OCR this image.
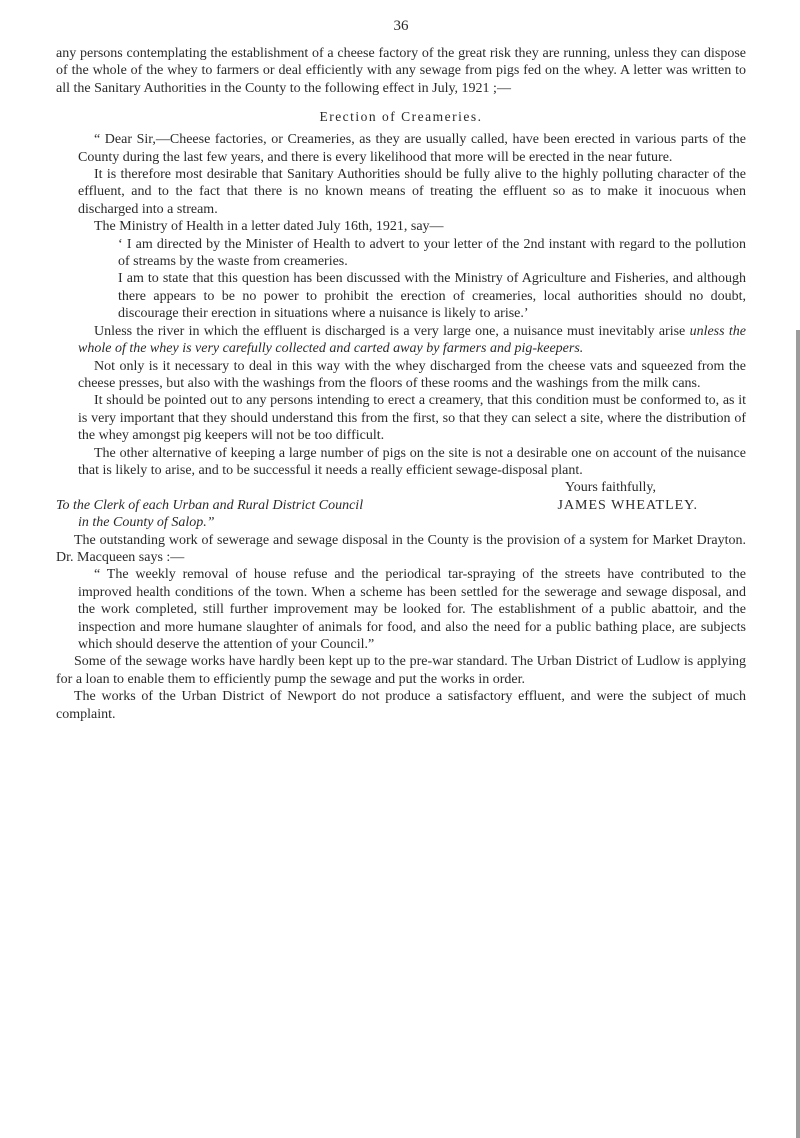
36

any persons contemplating the establishment of a cheese factory of the great risk they are running, unless they can dispose of the whole of the whey to farmers or deal efficiently with any sewage from pigs fed on the whey. A letter was written to all the Sanitary Authorities in the County to the following effect in July, 1921 ;—

Erection of Creameries.

“ Dear Sir,—Cheese factories, or Creameries, as they are usually called, have been erected in various parts of the County during the last few years, and there is every likelihood that more will be erected in the near future.

It is therefore most desirable that Sanitary Authorities should be fully alive to the highly polluting character of the effluent, and to the fact that there is no known means of treating the effluent so as to make it inocuous when discharged into a stream.

The Ministry of Health in a letter dated July 16th, 1921, say—

‘ I am directed by the Minister of Health to advert to your letter of the 2nd instant with regard to the pollution of streams by the waste from creameries.

I am to state that this question has been discussed with the Ministry of Agriculture and Fisheries, and although there appears to be no power to prohibit the erection of creameries, local authorities should no doubt, discourage their erection in situations where a nuisance is likely to arise.’

Unless the river in which the effluent is discharged is a very large one, a nuisance must inevitably arise unless the whole of the whey is very carefully collected and carted away by farmers and pig-keepers.

Not only is it necessary to deal in this way with the whey discharged from the cheese vats and squeezed from the cheese presses, but also with the washings from the floors of these rooms and the washings from the milk cans.

It should be pointed out to any persons intending to erect a creamery, that this condition must be conformed to, as it is very important that they should understand this from the first, so that they can select a site, where the distribution of the whey amongst pig keepers will not be too difficult.

The other alternative of keeping a large number of pigs on the site is not a desirable one on account of the nuisance that is likely to arise, and to be successful it needs a really efficient sewage-disposal plant.

Yours faithfully,
To the Clerk of each Urban and Rural District Council	JAMES WHEATLEY.
in the County of Salop.”

The outstanding work of sewerage and sewage disposal in the County is the provision of a system for Market Drayton. Dr. Macqueen says :—

“ The weekly removal of house refuse and the periodical tar-spraying of the streets have contributed to the improved health conditions of the town. When a scheme has been settled for the sewerage and sewage disposal, and the work completed, still further improvement may be looked for. The establishment of a public abattoir, and the inspection and more humane slaughter of animals for food, and also the need for a public bathing place, are subjects which should deserve the attention of your Council.”

Some of the sewage works have hardly been kept up to the pre-war standard. The Urban District of Ludlow is applying for a loan to enable them to efficiently pump the sewage and put the works in order.

The works of the Urban District of Newport do not produce a satisfactory effluent, and were the subject of much complaint.
